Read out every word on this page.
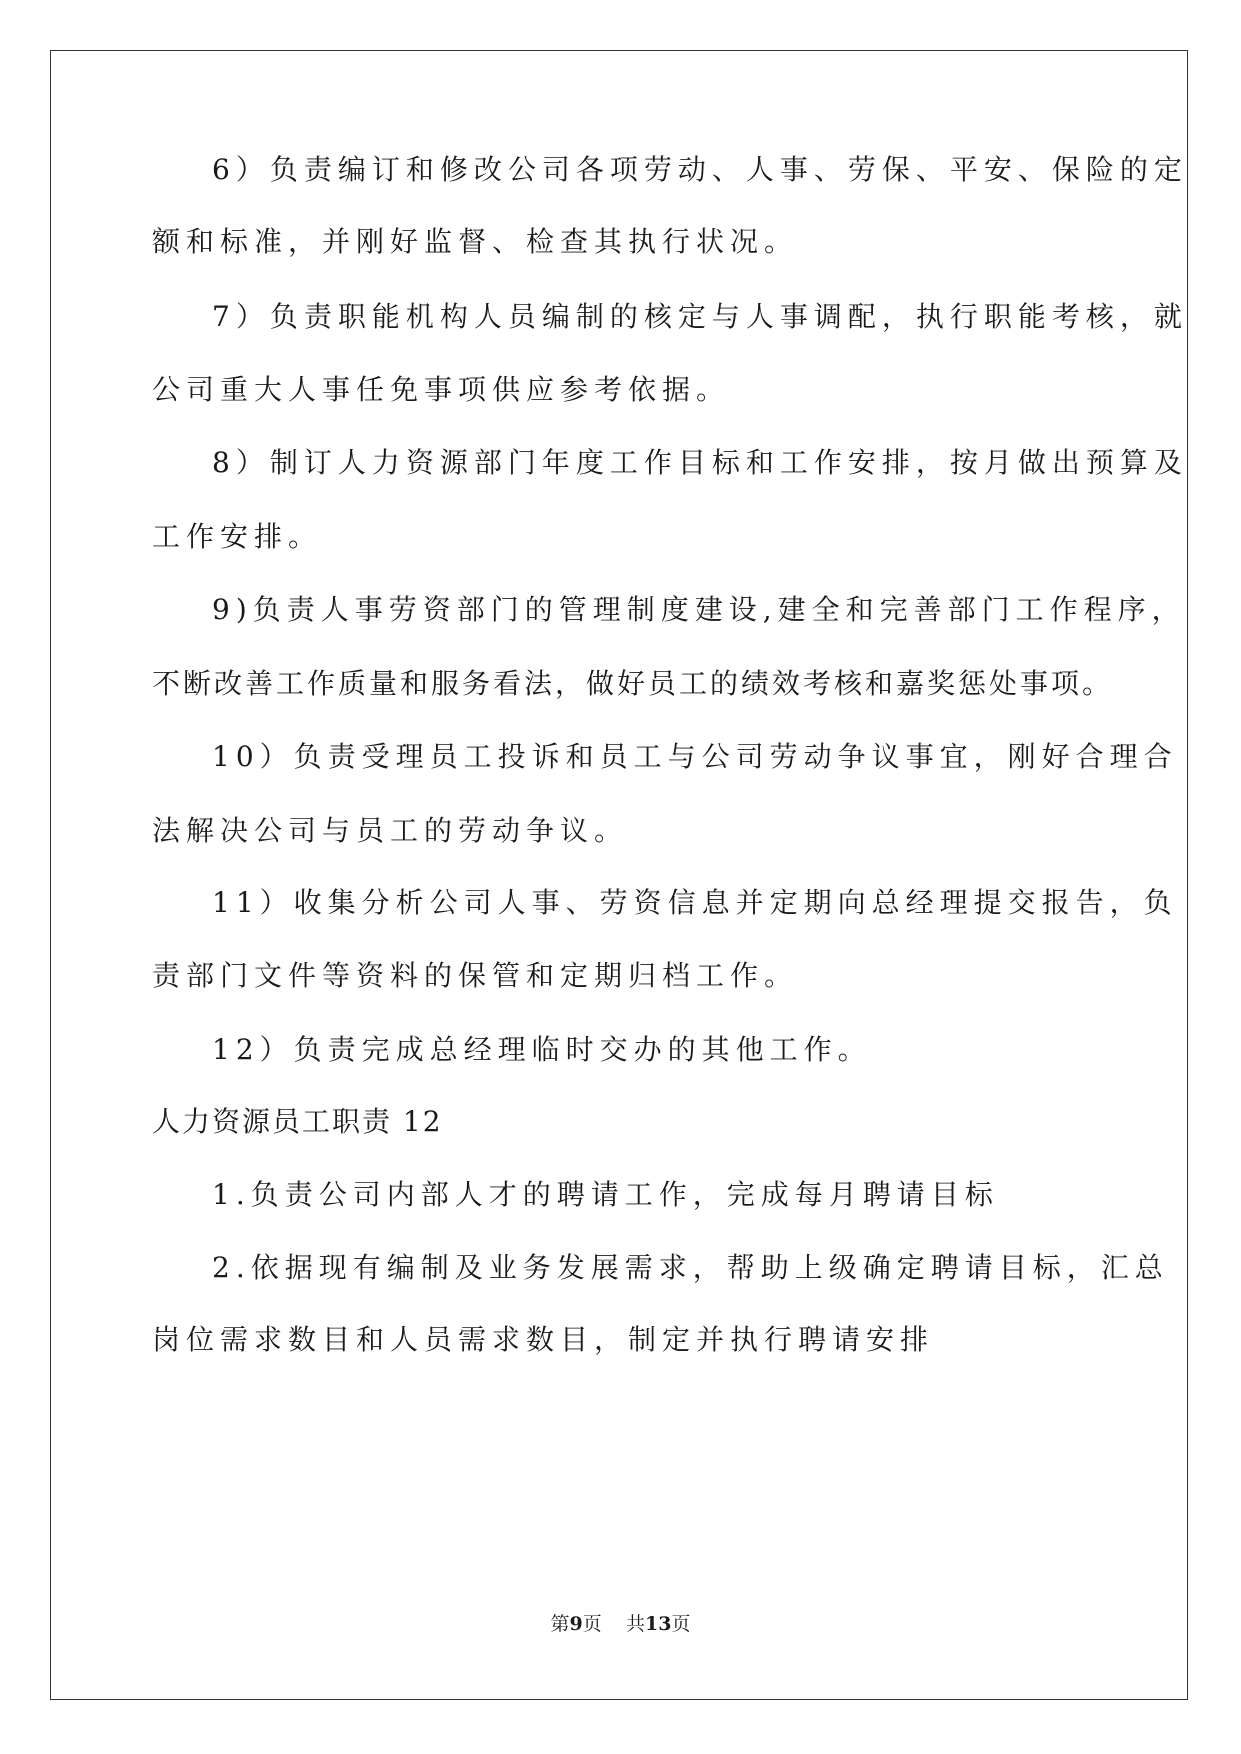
6）负责编订和修改公司各项劳动、人事、劳保、平安、保险的定
额和标准，并刚好监督、检查其执行状况。
7）负责职能机构人员编制的核定与人事调配，执行职能考核，就
公司重大人事任免事项供应参考依据。
8）制订人力资源部门年度工作目标和工作安排，按月做出预算及
工作安排。
9)负责人事劳资部门的管理制度建设,建全和完善部门工作程序，
不断改善工作质量和服务看法，做好员工的绩效考核和嘉奖惩处事项。
10）负责受理员工投诉和员工与公司劳动争议事宜，刚好合理合
法解决公司与员工的劳动争议。
11）收集分析公司人事、劳资信息并定期向总经理提交报告，负
责部门文件等资料的保管和定期归档工作。
12）负责完成总经理临时交办的其他工作。
人力资源员工职责 12
1.负责公司内部人才的聘请工作，完成每月聘请目标
2.依据现有编制及业务发展需求，帮助上级确定聘请目标，汇总
岗位需求数目和人员需求数目，制定并执行聘请安排
第9页 共13页
